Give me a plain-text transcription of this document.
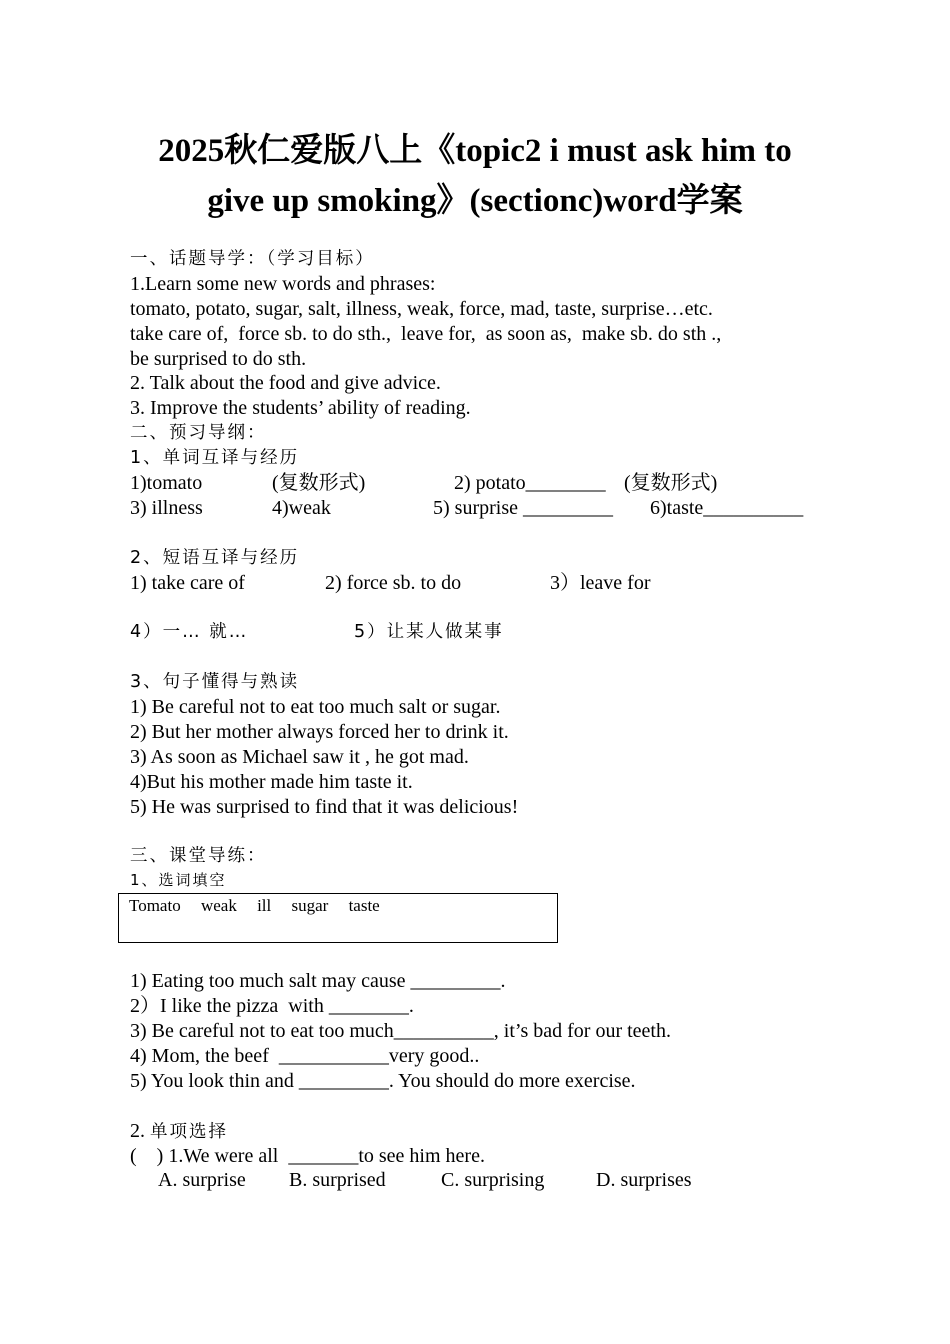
2025秋仁爱版八上《topic2 i must ask him to
give up smoking》(sectionc)word学案
一、话题导学：（学习目标）
1.Learn some new words and phrases:
tomato, potato, sugar, salt, illness, weak, force, mad, taste, surprise…etc.
take care of,  force sb. to do sth.,  leave for,  as soon as,  make sb. do sth .,
be surprised to do sth.
2. Talk about the food and give advice.
3. Improve the students’ ability of reading.
二、预习导纲：
1、单词互译与经历
1)tomato	(复数形式)	2) potato________ (复数形式)
3) illness	4)weak	5) surprise _________ 6)taste__________
2、短语互译与经历
1) take care of	2) force sb. to do	3）leave for
4）一… 就…	5）让某人做某事
3、句子懂得与熟读
1) Be careful not to eat too much salt or sugar.
2) But her mother always forced her to drink it.
3) As soon as Michael saw it , he got mad.
4)But his mother made him taste it.
5) He was surprised to find that it was delicious!
三、课堂导练：
1、选词填空
Tomato weak ill sugar taste
1) Eating too much salt may cause _________.
2）I like the pizza  with ________.
3) Be careful not to eat too much__________, it’s bad for our teeth.
4) Mom, the beef  ___________very good..
5) You look thin and _________. You should do more exercise.
2. 单项选择
(    ) 1.We were all  _______to see him here.
A. surprise B. surprised	C. surprising	D. surprises
